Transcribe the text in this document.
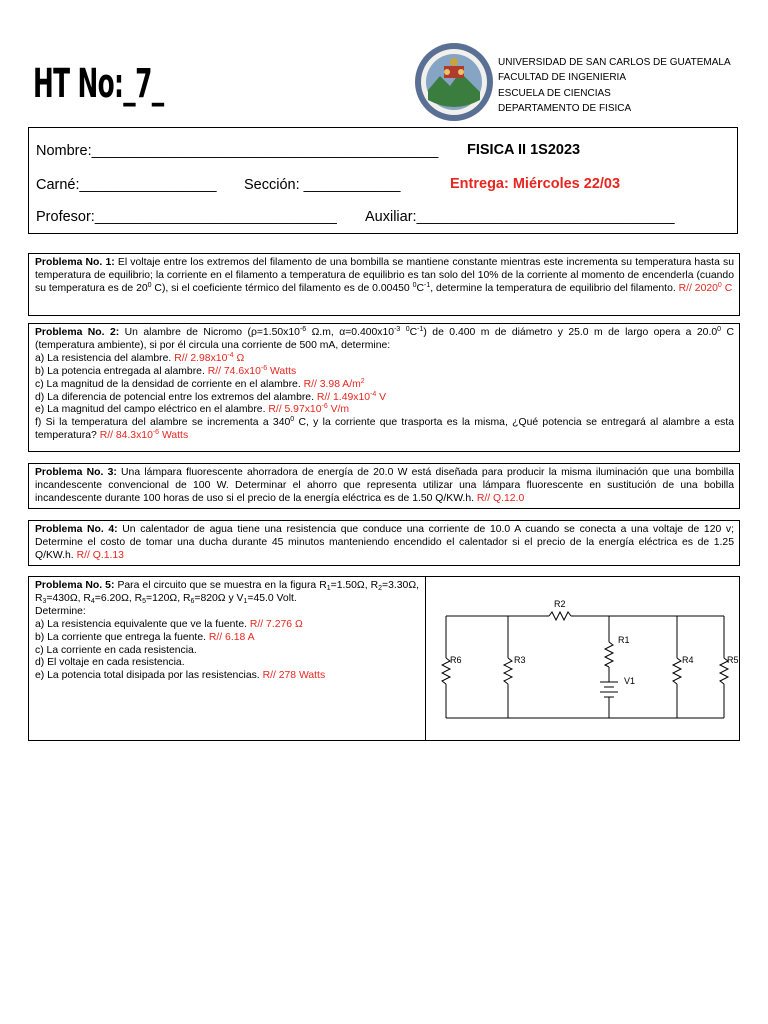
HT No:_7_	UNIVERSIDAD DE SAN CARLOS DE GUATEMALA
FACULTAD DE INGENIERIA
ESCUELA DE CIENCIAS
DEPARTAMENTO DE FISICA
Nombre:___________________________________________ FISICA II 1S2023
Carné:_________________ Sección: ____________	Entrega: Miércoles 22/03
Profesor:______________________________ Auxiliar:________________________________

Problema No. 1: El voltaje entre los extremos del filamento de una bombilla se mantiene constante mientras este incrementa su temperatura hasta su temperatura de equilibrio; la corriente en el filamento a temperatura de equilibrio es tan solo del 10% de la corriente al momento de encenderla (cuando su temperatura es de $20^0$ C), si el coeficiente térmico del filamento es de 0.00450 $^0C^{-1}$, determine la temperatura de equilibrio del filamento. R// 2020$^0$ C

Problema No. 2: Un alambre de Nicromo ($\rho=1.50x10^{-6}$ Ω.m, $\alpha=0.400x10^{-3}$ $^0C^{-1}$) de 0.400 m de diámetro y 25.0 m de largo opera a 20.0$^0$ C (temperatura ambiente), si por él circula una corriente de 500 mA, determine:

a) La resistencia del alambre. R// $2.98x10^{-4}$ Ω

b) La potencia entregada al alambre. R// $74.6x10^{-6}$ Watts

c) La magnitud de la densidad de corriente en el alambre. R// 3.98 $A/m^2$

d) La diferencia de potencial entre los extremos del alambre. R// $1.49x10^{-4}$ V

e) La magnitud del campo eléctrico en el alambre. R// $5.97x10^{-6}$ V/m

f) Si la temperatura del alambre se incrementa a $340^0$ C, y la corriente que trasporta es la misma, ¿Qué potencia se entregará al alambre a esta temperatura? R// $84.3x10^{-6}$ Watts

Problema No. 3: Una lámpara fluorescente ahorradora de energía de 20.0 W está diseñada para producir la misma iluminación que una bombilla incandescente convencional de 100 W. Determinar el ahorro que representa utilizar una lámpara fluorescente en sustitución de una bobilla incandescente durante 100 horas de uso si el precio de la energía eléctrica es de 1.50 Q/KW.h. R// Q.12.0

Problema No. 4: Un calentador de agua tiene una resistencia que conduce una corriente de 10.0 A cuando se conecta a una voltaje de 120 v; Determine el costo de tomar una ducha durante 45 minutos manteniendo encendido el calentador si el precio de la energía eléctrica es de 1.25 Q/KW.h. R// Q.1.13

Problema No. 5: Para el circuito que se muestra en la figura $R_1=1.50\Omega$, $R_2=3.30\Omega$, $R_3=430\Omega$, $R_4=6.20\Omega$, $R_5=120\Omega$, $R_6=820\Omega$ y $V_1=45.0$ Volt.

Determine:

a) La resistencia equivalente que ve la fuente. R// 7.276 Ω

b) La corriente que entrega la fuente. R// 6.18 A

c) La corriente en cada resistencia.

d) El voltaje en cada resistencia.

e) La potencia total disipada por las resistencias. R// 278 Watts

R2
R1
R6	R3	R4
V1
R5
